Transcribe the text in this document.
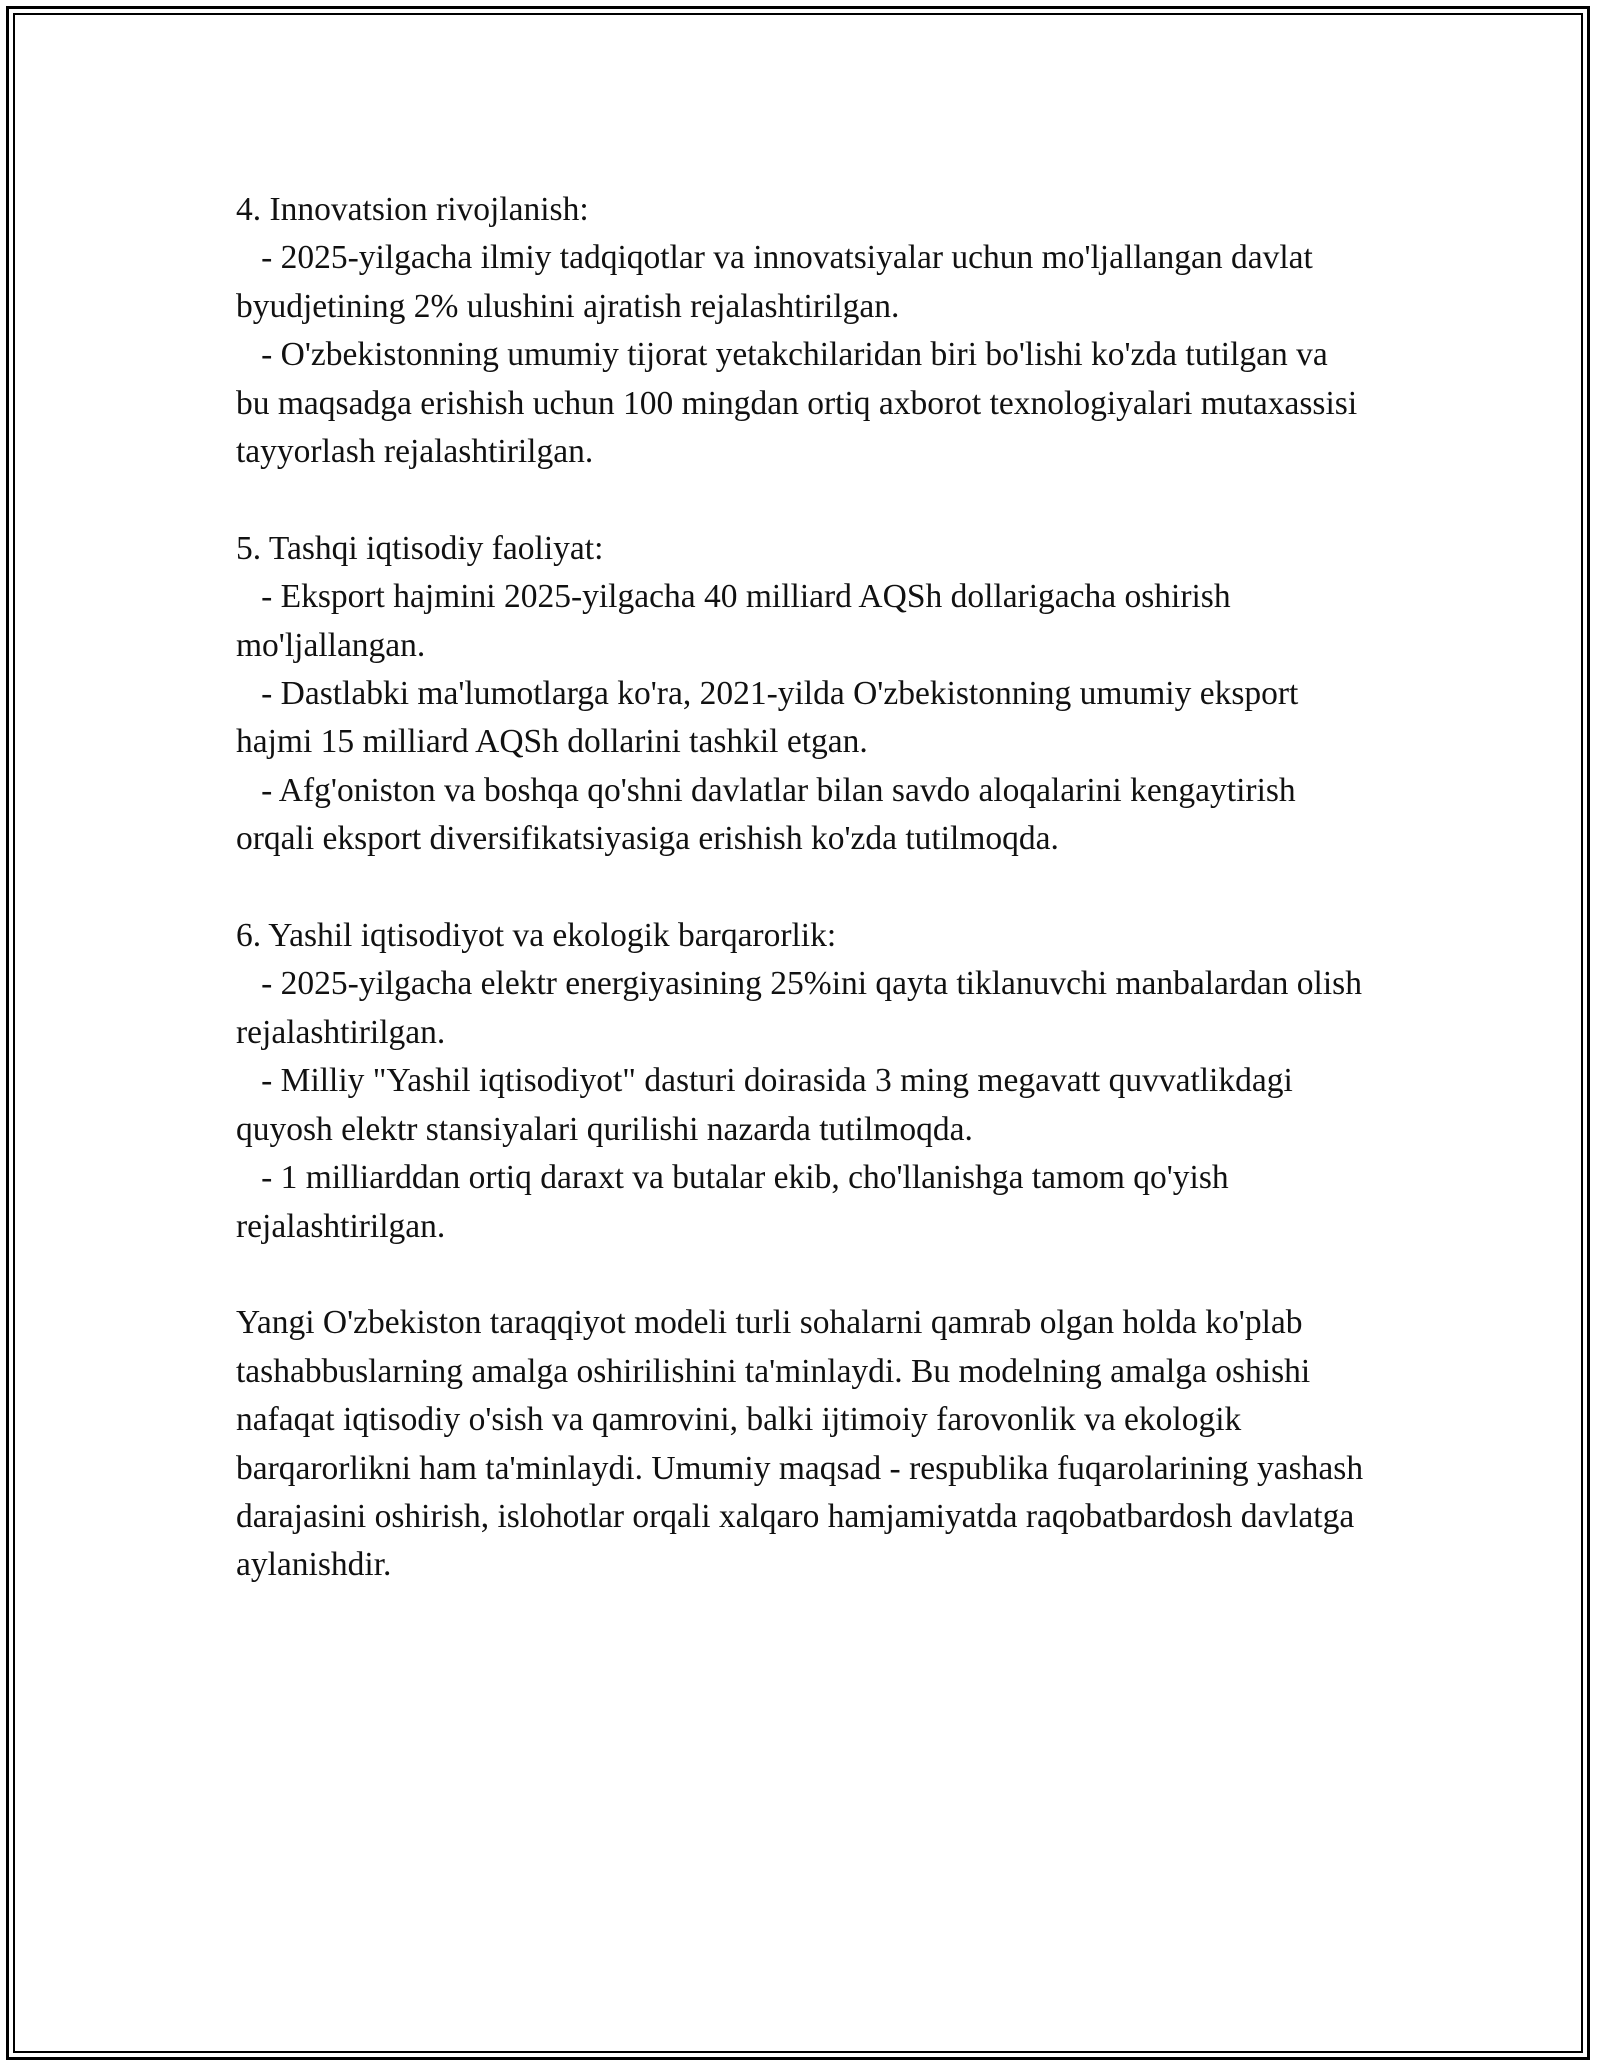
4. Innovatsion rivojlanish:

- 2025-yilgacha ilmiy tadqiqotlar va innovatsiyalar uchun mo'ljallangan davlat byudjetining 2% ulushini ajratish rejalashtirilgan.

- O'zbekistonning umumiy tijorat yetakchilaridan biri bo'lishi ko'zda tutilgan va bu maqsadga erishish uchun 100 mingdan ortiq axborot texnologiyalari mutaxassisi tayyorlash rejalashtirilgan.

5. Tashqi iqtisodiy faoliyat:

- Eksport hajmini 2025-yilgacha 40 milliard AQSh dollarigacha oshirish mo'ljallangan.

- Dastlabki ma'lumotlarga ko'ra, 2021-yilda O'zbekistonning umumiy eksport hajmi 15 milliard AQSh dollarini tashkil etgan.

- Afg'oniston va boshqa qo'shni davlatlar bilan savdo aloqalarini kengaytirish orqali eksport diversifikatsiyasiga erishish ko'zda tutilmoqda.

6. Yashil iqtisodiyot va ekologik barqarorlik:

- 2025-yilgacha elektr energiyasining 25%ini qayta tiklanuvchi manbalardan olish rejalashtirilgan.

- Milliy "Yashil iqtisodiyot" dasturi doirasida 3 ming megavatt quvvatlikdagi quyosh elektr stansiyalari qurilishi nazarda tutilmoqda.

- 1 milliarddan ortiq daraxt va butalar ekib, cho'llanishga tamom qo'yish rejalashtirilgan.

Yangi O'zbekiston taraqqiyot modeli turli sohalarni qamrab olgan holda ko'plab tashabbuslarning amalga oshirilishini ta'minlaydi. Bu modelning amalga oshishi nafaqat iqtisodiy o'sish va qamrovini, balki ijtimoiy farovonlik va ekologik barqarorlikni ham ta'minlaydi. Umumiy maqsad - respublika fuqarolarining yashash darajasini oshirish, islohotlar orqali xalqaro hamjamiyatda raqobatbardosh davlatga aylanishdir.
